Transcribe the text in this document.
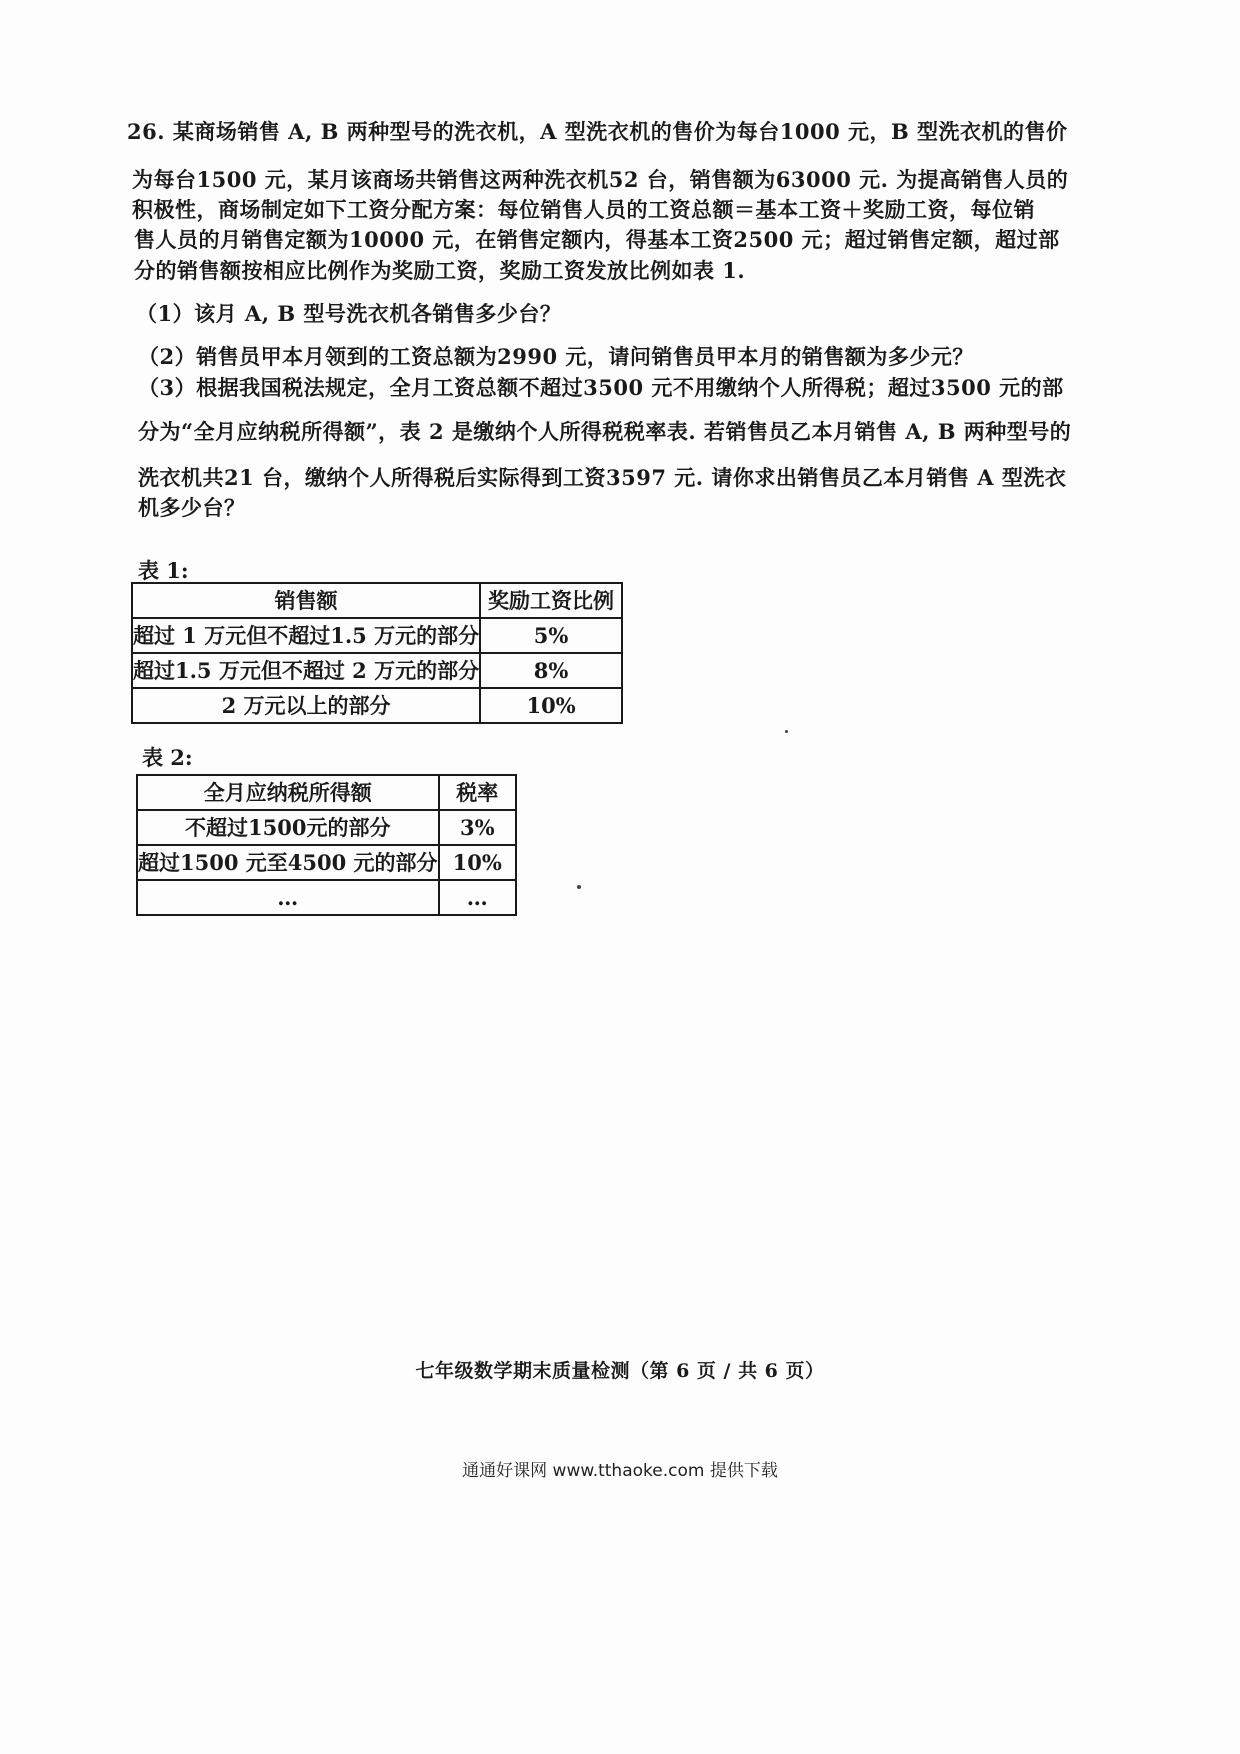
26. 某商场销售 A, B 两种型号的洗衣机，A 型洗衣机的售价为每台1000 元，B 型洗衣机的售价
为每台1500 元，某月该商场共销售这两种洗衣机52 台，销售额为63000 元. 为提高销售人员的
积极性，商场制定如下工资分配方案：每位销售人员的工资总额＝基本工资＋奖励工资，每位销
售人员的月销售定额为10000 元，在销售定额内，得基本工资2500 元；超过销售定额，超过部
分的销售额按相应比例作为奖励工资，奖励工资发放比例如表 1.
（1）该月 A, B 型号洗衣机各销售多少台？
（2）销售员甲本月领到的工资总额为2990 元，请问销售员甲本月的销售额为多少元？
（3）根据我国税法规定，全月工资总额不超过3500 元不用缴纳个人所得税；超过3500 元的部
分为“全月应纳税所得额”，表 2 是缴纳个人所得税税率表. 若销售员乙本月销售 A, B 两种型号的
洗衣机共21 台，缴纳个人所得税后实际得到工资3597 元. 请你求出销售员乙本月销售 A 型洗衣
机多少台？
表 1:
销售额	奖励工资比例
超过 1 万元但不超过1.5 万元的部分	5%
超过1.5 万元但不超过 2 万元的部分	8%
2 万元以上的部分	10%
表 2:
全月应纳税所得额	税率
不超过1500元的部分	3%
超过1500 元至4500 元的部分	10%
…	…
七年级数学期末质量检测（第 6 页 / 共 6 页）
通通好课网 www.tthaoke.com 提供下载
